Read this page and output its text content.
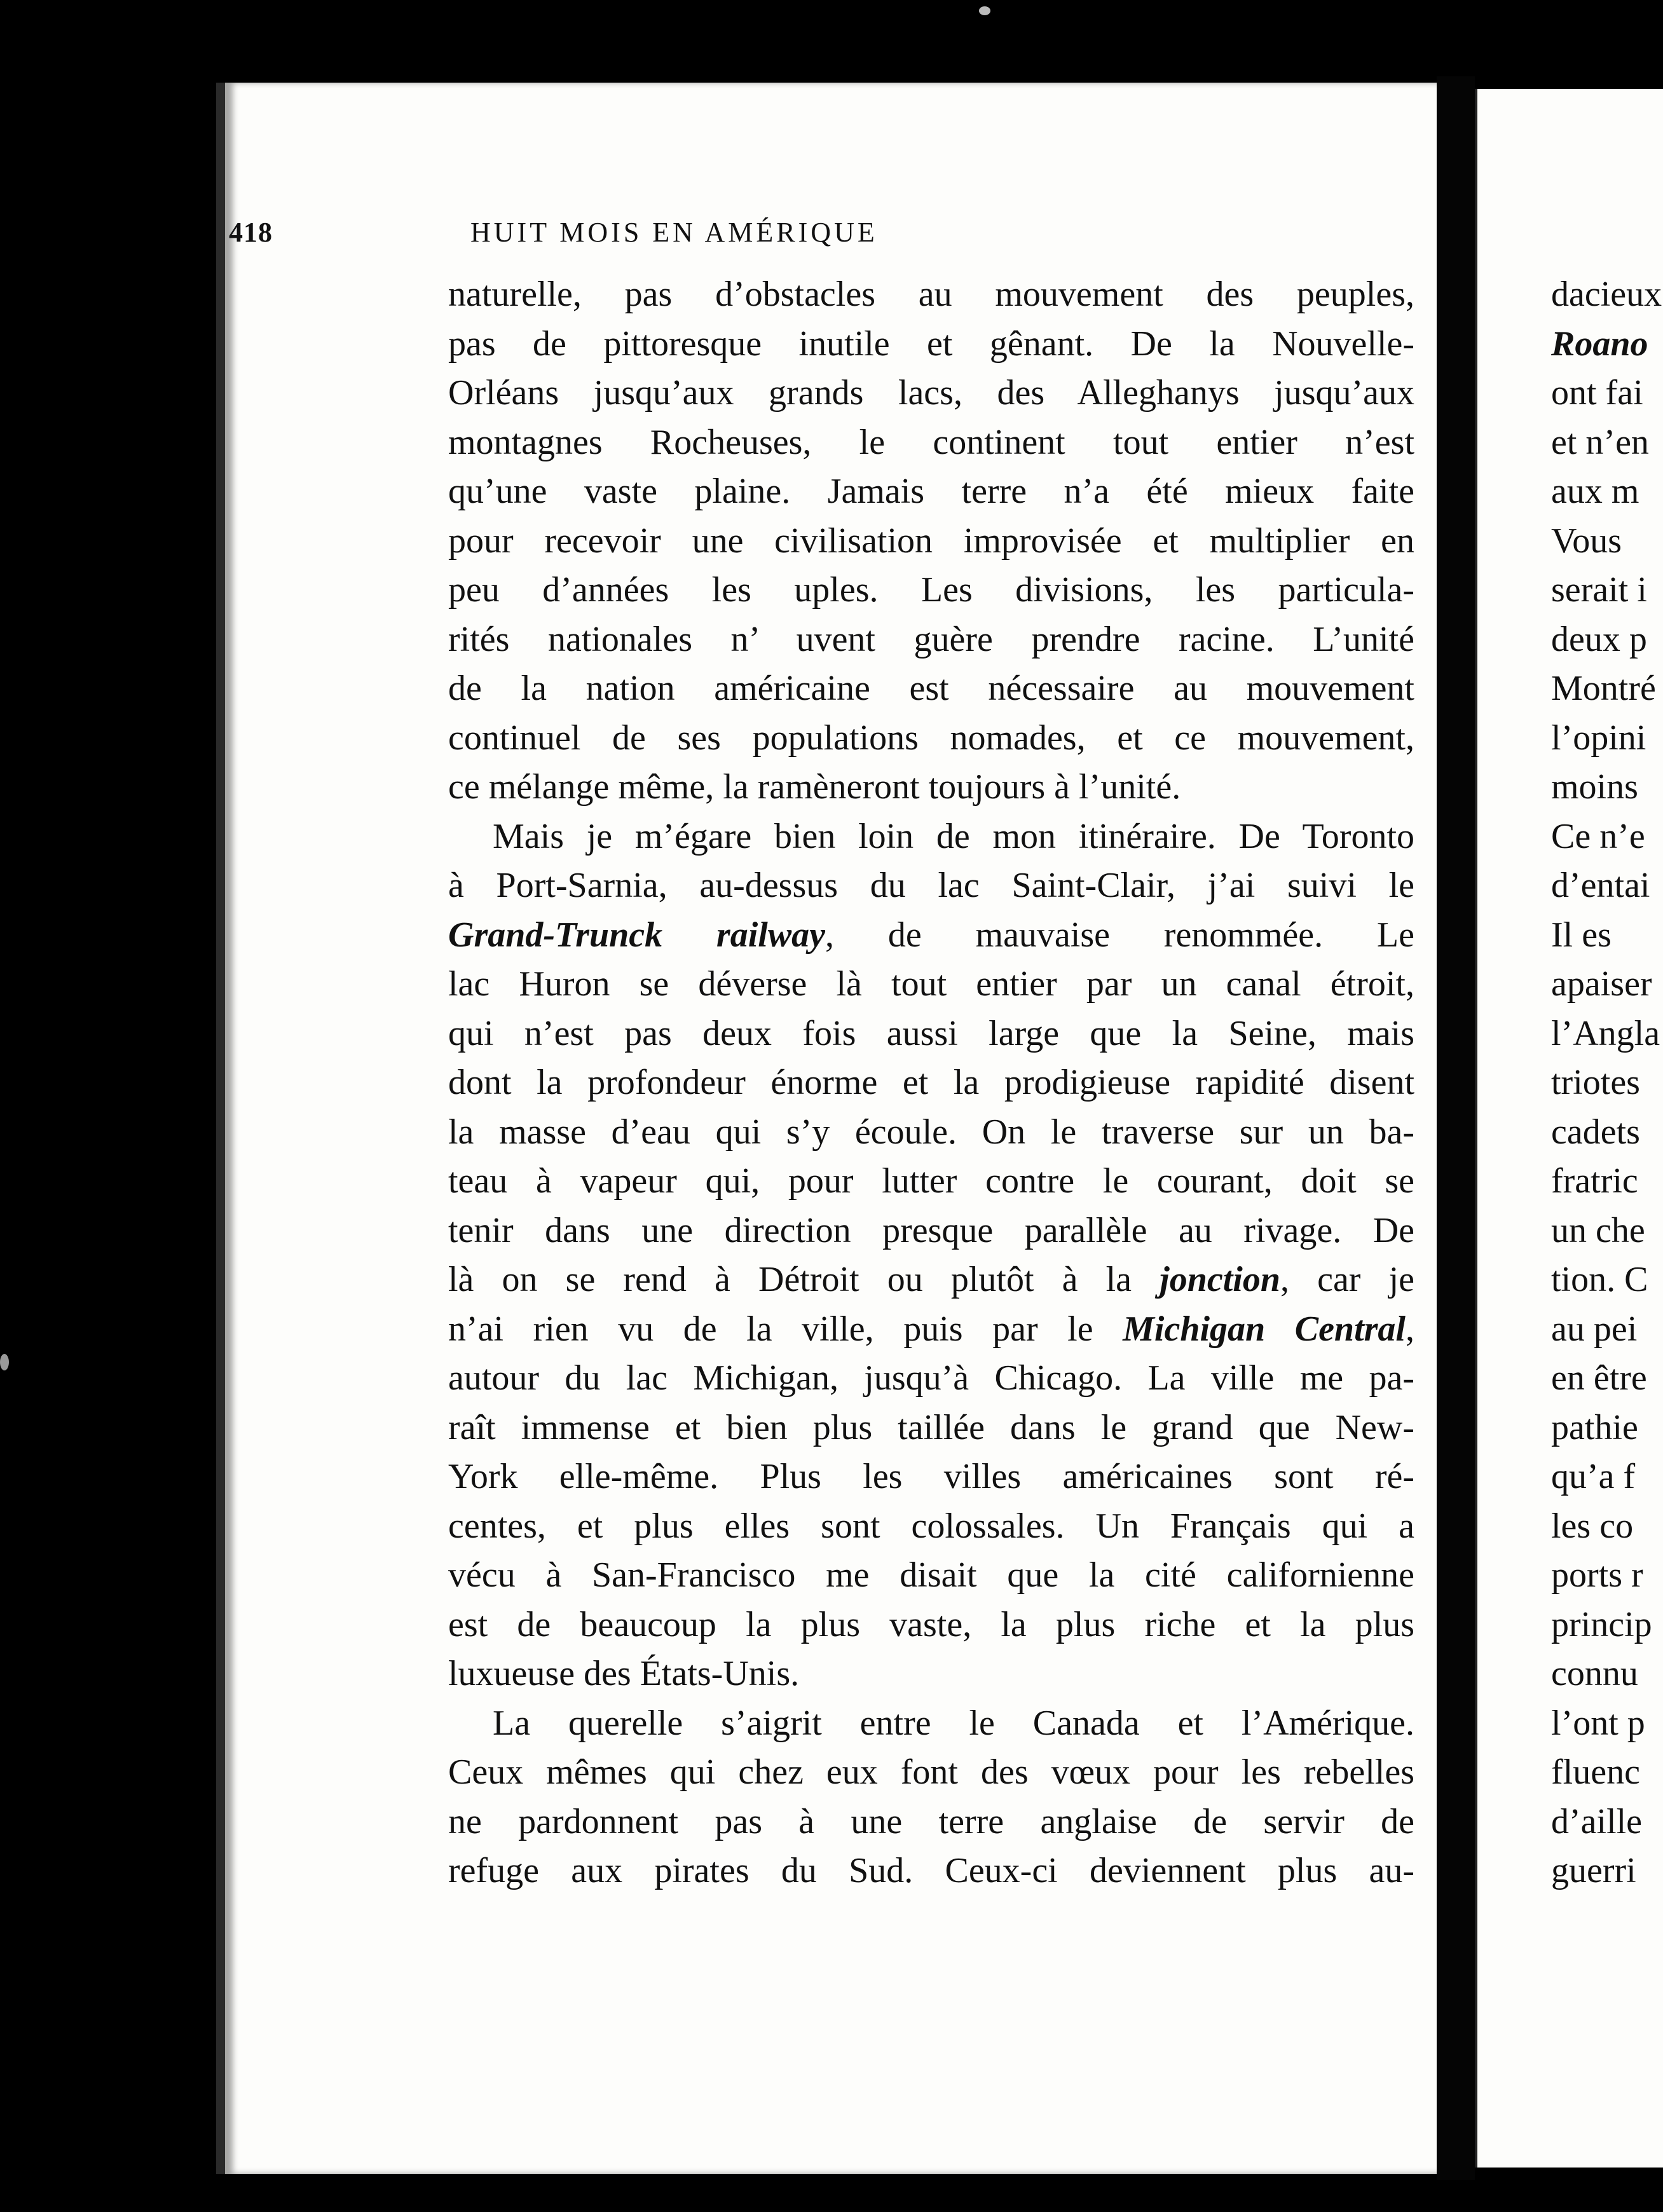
418	HUIT MOIS EN AMÉRIQUE
naturelle, pas d’obstacles au mouvement des peuples,
pas de pittoresque inutile et gênant. De la Nouvelle-
Orléans jusqu’aux grands lacs, des Alleghanys jusqu’aux
montagnes Rocheuses, le continent tout entier n’est
qu’une vaste plaine. Jamais terre n’a été mieux faite
pour recevoir une civilisation improvisée et multiplier en
peu d’années les uples. Les divisions, les particula-
rités nationales n’ uvent guère prendre racine. L’unité
de la nation américaine est nécessaire au mouvement
continuel de ses populations nomades, et ce mouvement,
ce mélange même, la ramèneront toujours à l’unité.
Mais je m’égare bien loin de mon itinéraire. De Toronto
à Port-Sarnia, au-dessus du lac Saint-Clair, j’ai suivi le
Grand-Trunck railway, de mauvaise renommée. Le
lac Huron se déverse là tout entier par un canal étroit,
qui n’est pas deux fois aussi large que la Seine, mais
dont la profondeur énorme et la prodigieuse rapidité disent
la masse d’eau qui s’y écoule. On le traverse sur un ba-
teau à vapeur qui, pour lutter contre le courant, doit se
tenir dans une direction presque parallèle au rivage. De
là on se rend à Détroit ou plutôt à la jonction, car je
n’ai rien vu de la ville, puis par le Michigan Central,
autour du lac Michigan, jusqu’à Chicago. La ville me pa-
raît immense et bien plus taillée dans le grand que New-
York elle-même. Plus les villes américaines sont ré-
centes, et plus elles sont colossales. Un Français qui a
vécu à San-Francisco me disait que la cité californienne
est de beaucoup la plus vaste, la plus riche et la plus
luxueuse des États-Unis.
La querelle s’aigrit entre le Canada et l’Amérique.
Ceux mêmes qui chez eux font des vœux pour les rebelles
ne pardonnent pas à une terre anglaise de servir de
refuge aux pirates du Sud. Ceux-ci deviennent plus au-
dacieux
Roano
ont fai
et n’en
aux m
Vous
serait i
deux p
Montré
l’opini
moins
Ce n’e
d’entai
Il es
apaiser
l’Angla
triotes
cadets
fratric
un che
tion. C
au pei
en être
pathie
qu’a f
les co
ports r
princip
connu
l’ont p
fluenc
d’aille
guerri
